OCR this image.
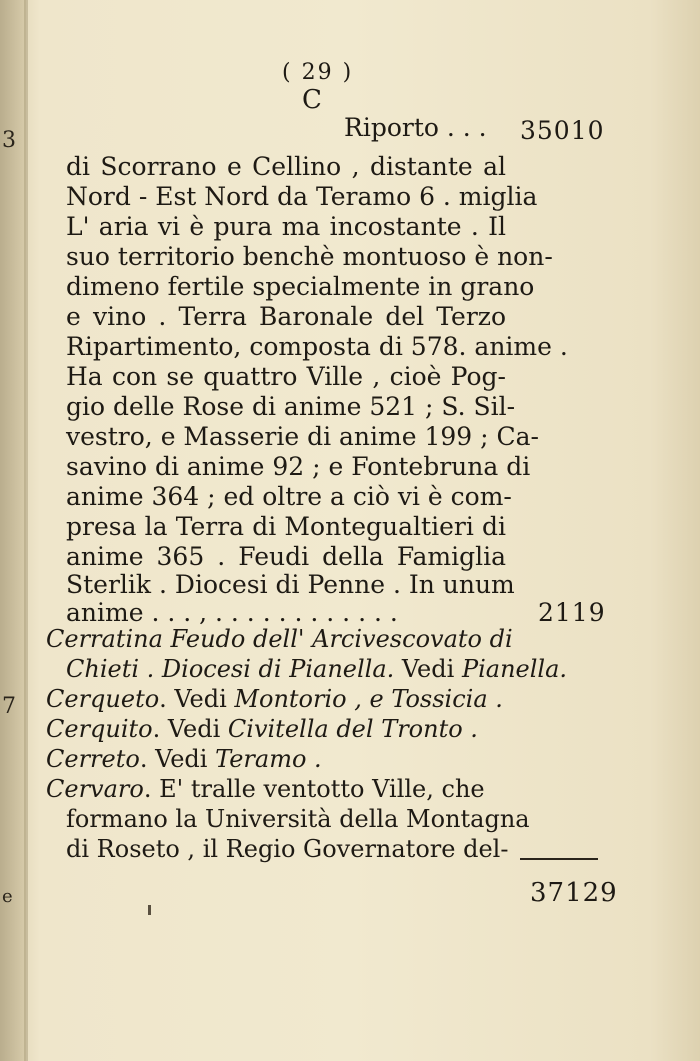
3
7
e
( 29 )
C
Riporto . . . 35010
di Scorrano e Cellino , distante al
Nord - Est Nord da Teramo 6 . miglia
L' aria vi è pura ma incostante . Il
suo territorio benchè montuoso è non-
dimeno fertile specialmente in grano
e vino . Terra Baronale del Terzo
Ripartimento, composta di 578. anime .
Ha con se quattro Ville , cioè Pog-
gio delle Rose di anime 521 ; S. Sil-
vestro, e Masserie di anime 199 ; Ca-
savino di anime 92 ; e Fontebruna di
anime 364 ; ed oltre a ciò vi è com-
presa la Terra di Montegualtieri di
anime 365 . Feudi della Famiglia
Sterlik . Diocesi di Penne . In unum
anime . . . , . . . . . . . . . . . .	2119
Cerratina Feudo dell' Arcivescovato di
Chieti . Diocesi di Pianella. Vedi Pianella.
Cerqueto. Vedi Montorio , e Tossicia .
Cerquito. Vedi Civitella del Tronto .
Cerreto. Vedi Teramo .
Cervaro. E' tralle ventotto Ville, che
formano la Università della Montagna
di Roseto , il Regio Governatore del-
37129
